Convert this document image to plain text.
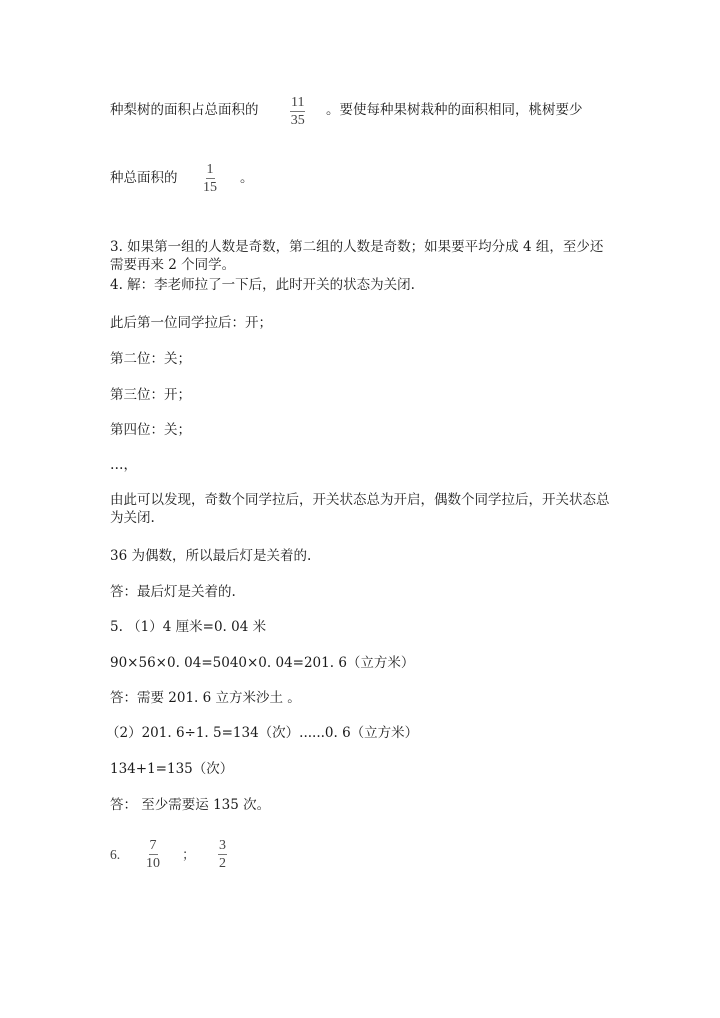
种梨树的面积占总面积的 $\frac{11}{35}$ 。要使每种果树栽种的面积相同，桃树要少
种总面积的 $\frac{1}{15}$ 。
3. 如果第一组的人数是奇数，第二组的人数是奇数；如果要平均分成 4 组，至少还需要再来 2 个同学。
4. 解：李老师拉了一下后，此时开关的状态为关闭.
此后第一位同学拉后：开；
第二位：关；
第三位：开；
第四位：关；
…，
由此可以发现，奇数个同学拉后，开关状态总为开启，偶数个同学拉后，开关状态总为关闭.
36 为偶数，所以最后灯是关着的.
答：最后灯是关着的.
5. （1）4 厘米=0. 04 米
90×56×0. 04=5040×0. 04=201. 6（立方米）
答：需要 201. 6 立方米沙土 。
（2）201. 6÷1. 5=134（次）......0. 6（立方米）
134+1=135（次）
答： 至少需要运 135 次。
6. $\frac{7}{10}$ ； $\frac{3}{2}$
